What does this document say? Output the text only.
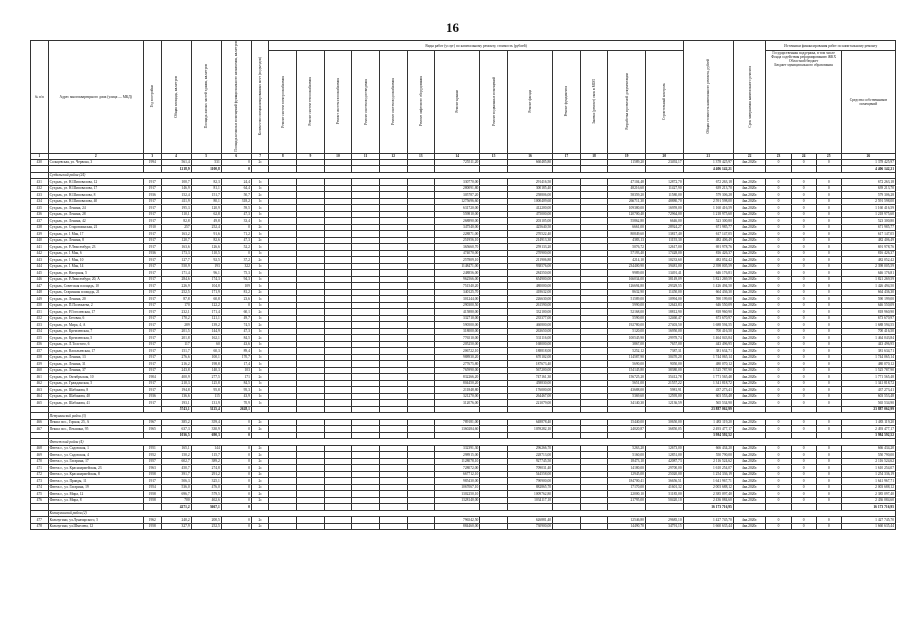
16
№ п/п	Адрес многоквартирного дома (улица — МКД)	Год постройки	Общая площадь, кв.метров	Площадь жилых частей здания, кв.метров	Площадь нежилых помещений функционального назначения, кв.метров	Количество специализированных мест (подъездов)	Виды работ (услуг) по капитальному ремонту, стоимость (рублей)													Общая стоимость капитального ремонта, рублей	Срок завершения капитального ремонта	Источники финансирования работ по капитальному ремонту			
							Ремонт систем электроснабжения	Ремонт систем теплоснабжения	Ремонт систем газоснабжения	Ремонт систем водоотведения	Ремонт систем водоснабжения	Ремонт лифтового оборудования	Ремонт крыши	Ремонт подвальных помещений	Ремонт фасада	Ремонт фундамента	Замена (ремонт) окон в МОП	Разработка проектной документации	Строительный контроль			Государственная поддержка, в том числе
Фонда содействия реформированию ЖКХ
Областной бюджет
Бюджет муниципального образования			Средства собственников помещений
1	2	3	4	5	6	7	8	9	10	11	12	13	14	15	16	17	18	19	20	21	22	23	24	25	26
430	Сольцевская, ул. Червона, 3	1994	561,4	531	0	2с							725511,20		660485,80			11589,20	23492,17	1 378 425,97	4кв.2020г.	0	0	0	1 378 425,97
			1218,9	1100,8	0															4 406 142,21					4 406 142,21
	Суздальский район (24)																								
431	Суздаль, ул. Н.Шиповалова, 12	1917	100,7	82,3	24,4	1с							330770,00		291416,50			47104,48	12872,70	672 263,18	4кв.2020г.	0	0	0	672 263,18
432	Суздаль, ул. Н.Шиповалова, 17	1917	146,9	81,1	64,4	1с							280091,80		300185,40			48216,60	11427,90	639 213,70	4кв.2020г.	0	0	0	639 213,70
433	Суздаль, ул. Н.Шиповалова, 8	1936	152,4	151,7	50,7	2с							305787,20		258806,00			58359,20	11580,00	579 306,28	4кв.2020г.	0	0	0	579 306,28
434	Суздаль, ул. Н.Шиповалова, 40	1917	411,9	80,1	318,2	1с							1275696,60		1000409,60			266711,30	48880,70	2 591 598,00	4кв.2020г.	0	0	0	2 591 598,00
435	Суздаль, ул. Ленина, 24	1917	195,3	120,9	59,5	1с							631720,00		412200,00			109380,00	16959,00	1 160 416,59	4кв.2020г.	0	0	0	1 160 416,59
436	Суздаль, ул. Ленина, 28	1917	110,1	62,8	47,3	1с							559810,00		475000,00			120700,40	72964,00	1 218 975,60	4кв.2020г.	0	0	0	1 218 975,60
437	Суздаль, ул. Ленина, 42	1917	82,8	49,8	33,4	1с							268890,00		203105,00			55862,80	6646,00	523 300,80	4кв.2020г.	0	0	0	523 300,80
438	Суздаль, ул. Старовоинская, 21	1910	257	252,4	0	2с							347540,00		425640,50			6661,00	28924,27	671 985,77	4кв.2020г.	0	0	0	671 985,77
439	Суздаль, ул. 1 Мая, 17	1917	163,2	91,6	71,2	1с							228871,00		270522,40			80849,60	13817,40	617 147,05	4кв.2020г.	0	0	0	617 147,05
440	Суздаль, ул. Ленина, 8	1917	120,7	82,6	47,3	2с							251956,10		214913,30			4383,13	11155,30	482 406,49	4кв.2020г.	0	0	0	482 406,49
441	Суздаль, ул. Р.Люксембург, 23	1917	163,6	126,6	52,2	1с							365660,70		259133,20			5076,72	12617,00	691 978,76	4кв.2020г.	0	0	0	691 978,76
442	Суздаль, ул. 1 Мая, 6	1936	173,3	110,5	0	1с							474070,00		270900,00			57193,40	17428,00	816 426,37	4кв.2020г.	0	0	0	816 426,37
443	Суздаль, ул. 1 Мая, 10	1917	127,7	92,5	37,2	2с							257809,10		211906,80			4214,10	10233,60	482 052,42	4кв.2020г.	0	0	0	482 052,42
444	Суздаль, ул. 1 Мая, 14	1917	550,9	193	322	1с							1148471,00		938576,00			234400,90	39481,00	2 398 005,59	4кв.2020г.	0	0	0	2 398 005,59
445	Суздаль, ул. Нагорная, 5	1917	171,4	96,1	75,3	1с							248856,00		284550,00			9989,00	13491,41	646 176,81	4кв.2020г.	0	0	0	646 176,81
446	Суздаль, ул. Р.Люксембург, 20, А	1917	284,6	174,3	94,3	1с							962566,00		654900,00			166034,00	38149,09	1 821 269,59	4кв.2020г.	0	0	0	1 821 269,59
447	Суздаль, Советская площадь, 10	1917	226,9	104,8	109	1с							751540,20		480000,00			126694,80	29329,55	1 426 494,50	4кв.2020г.	0	0	0	1 426 494,50
448	Суздаль, Старинная площадь, 21	1917	252,5	171,9	81,2	2с							340125,70		418632,00			8632,90	11450,00	664 436,30	4кв.2020г.	0	0	0	664 436,30
449	Суздаль, ул. Ленина, 20	1917	87,8	60,8	23,6	1с							301244,00		226630,00			51589,00	10994,00	590 199,00	4кв.2020г.	0	0	0	590 199,00
450	Суздаль, ул. П.Полежаева, 2	1917	170	122,2	0	1с							290300,50		261590,00			5990,00	12643,83	646 550,09	4кв.2020г.	0	0	0	646 550,09
451	Суздаль, ул. Р.Гоголевская, 17	1917	232,1	171,4	60,1	2с							415880,00		332100,00			52168,00	18812,90	818 960,90	4кв.2020г.	0	0	0	818 960,90
452	Суздаль, ул. Беговая, 6	1917	170,2	121,1	49,7	1с							332710,00		235377,00			5590,00	12460,47	673 670,97	4кв.2020г.	0	0	0	673 670,97
453	Суздаль, ул. Мира, 4, А	1917	289	139,2	74,5	2с							590500,00		460800,00			192780,00	27403,50	1 688 594,55	4кв.2020г.	0	0	0	1 688 594,55
454	Суздаль, ул. Кремлевская, 7	1917	201,5	144,9	47,3	1с							318000,00		263650,00			5120,00	16950,00	700 416,50	4кв.2020г.	0	0	0	700 416,50
455	Суздаль, ул. Кремлевская, 5	1917	201,8	162,1	84,5	2с							776510,00		531116,00			100545,90	29978,74	1 464 043,84	4кв.2020г.	0	0	0	1 464 043,84
456	Суздаль, ул. Л.Толстого, 6	1917	117	60	43,6	1с							205250,00		168000,00			3867,00	7657,00	443 496,95	4кв.2020г.	0	0	0	443 496,95
457	Суздаль, ул. Васильевская, 17	1917	151,7	60,3	89,4	1с							206722,10		188818,00			5252,12	7387,31	381 634,71	4кв.2020г.	0	0	0	381 634,71
458	Суздаль, ул. Ленина, 13	1917	276,6	100,1	170,7	1с							988930,20		670102,00			114587,90	30470,20	1 744 065,14	4кв.2020г.	0	0	0	1 744 065,14
459	Суздаль, ул. Ленина, 31	1917	216,2	198,8	17,4	1с							277675,80		187673,40			5690,00	9050,00	480 070,12	4кв.2020г.	0	0	0	480 070,12
460	Суздаль, ул. Ленина, 37	1917	243,8	140,3	103	1с							765990,00		567200,00			154145,80	38380,00	1 525 787,90	4кв.2020г.	0	0	0	1 525 787,90
461	Суздаль, ул. Октябрьская, 10	1904	400,9	277,5	171	2с							832266,20		747161,30			156725,20	35412,78	1 771 565,48	4кв.2020г.	0	0	0	1 771 565,48
462	Суздаль, ул. Гражданская, 5	1917	210,3	125,8	84,5	1с							804450,20		458830,00			5651,00	21557,22	1 341 818,72	4кв.2020г.	0	0	0	1 341 818,72
463	Суздаль, ул. Шабанова, 8	1917	194,8	95,8	95,3	1с							211848,80		176000,00			43688,00	5981,91	437 273,41	4кв.2020г.	0	0	0	437 273,41
464	Суздаль, ул. Шабанова, 40	1936	136,6	115	43,9	1с							321270,00		264467,00			5369,60	12595,00	603 553,48	4кв.2020г.	0	0	0	603 553,48
465	Суздаль, ул. Шабанова, 41	1917	193,1	131,9	70,9	1с							312076,00		221079,00			34140,30	12136,59	565 534,90	4кв.2020г.	0	0	0	565 534,90
			5743,1	3125,4	2628,1															23 887 062,99					23 887 062,99
	Петушинский район (3)																								
466	Пекша пос., Горная, 25, А	1967	385,2	359,4	0	2с							789181,00		648878,40			15440,00	30650,00	1 483 119,20	4кв.2020г.	0	0	0	1 483 119,20
467	Пекша пос., Пекшина, 95	1965	637,3	330,9	0	2с							1360284,60		1059282,10			24020,87	36850,05	2 493 477,17	4кв.2020г.	0	0	0	2 493 477,17
			1036,5	690,3	0															3 984 592,52					3 984 592,52
	Фатежский район (4)																								
468	Фатеж г., ул. Садовская, 1	1951	165,1	144	0	2с							332391,30		296266,70			5263,20	12673,00	666 434,20	4кв.2020г.	0	0	0	666 434,20
469	Фатеж г., ул. Садовская, 4	1952	150,2	115,7	0	2с							298915,00		228713,00			5160,00	12851,00	550 790,00	4кв.2020г.	0	0	0	550 790,00
470	Фатеж г., ул. Гагарина, 17	1957	602,7	389,2	0	2с							1128078,10		927745,50			18473,10	42087,73	2 116 524,62	4кв.2020г.	0	0	0	2 116 524,62
471	Фатеж г., ул. Красноармейская, 23	1963	450,7	274,8	0	2с							728072,00		709031,40			14180,00	29700,00	1 610 254,07	4кв.2020г.	0	0	0	1 610 254,07
472	Фатеж г., ул. Красноармейская, 8	1958	391,7	291,2	0	2с							667712,10		544558,00			12945,00	25020,00	1 254 336,19	4кв.2020г.	0	0	0	1 254 336,19
473	Фатеж г., ул. Правды, 11	1917	506,3	325,1	0	2с							985430,00		790900,00			184700,41	36656,51	1 641 967,71	4кв.2020г.	0	0	0	1 641 967,71
474	Фатеж г., ул. Гагарина, 19	1954	536,0	476,0	0	2с							1067067,10		882865,70			17170,00	41601,32	2 003 688,12	4кв.2020г.	0	0	0	2 003 688,12
475	Фатеж г., ул. Мира, 12	1958	696,7	579,5	0	2с							1302250,10		1009762,80			22000,10	51185,00	2 385 097,40	4кв.2020г.	0	0	0	2 385 097,40
476	Фатеж г., ул. Мира, 8	1958	700	462,6	0	2с							1328140,00		1034117,10			21795,00	50420,10	2 436 084,60	4кв.2020г.	0	0	0	2 436 084,60
			4271,2	3667,1	0															16 173 716,95					16 173 716,95
	Кольчугинский район (2)																								
477	Кольчугино, ул.Луначарского, 5	1962	240,2	200,5	0	2с							796542,50		626881,40			12546,80	29685,10	1 427 745,70	4кв.2020г.	0	0	0	1 427 745,70
478	Кольчугино, ул.Шмелева, 12	1958	327,9	252,5	0	2с							884460,00		730900,00			14490,70	34791,15	1 660 635,44	4кв.2020г.	0	0	0	1 660 635,44
